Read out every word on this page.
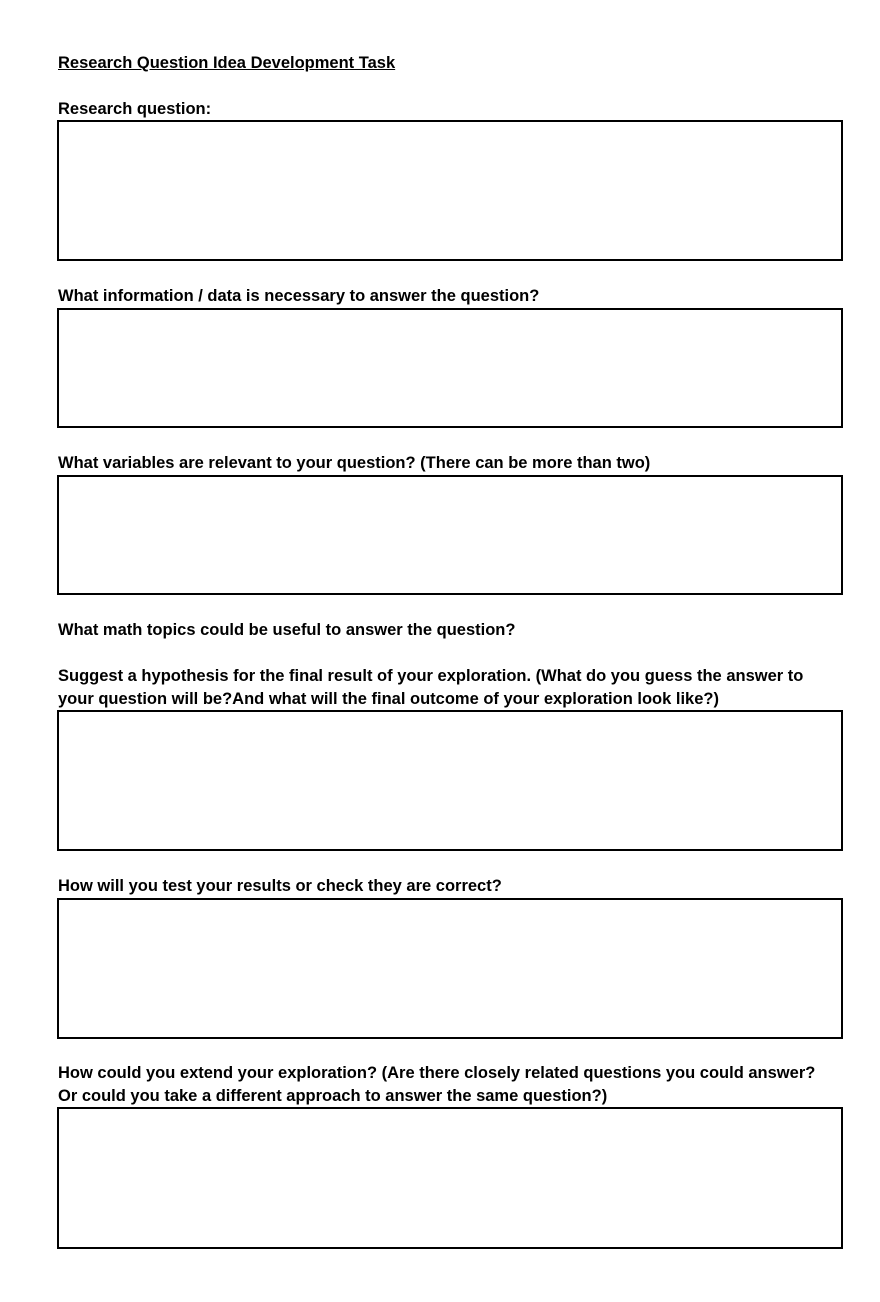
Research Question Idea Development Task
Research question:
What information / data is necessary to answer the question?
What variables are relevant to your question? (There can be more than two)
What math topics could be useful to answer the question?
Suggest a hypothesis for the final result of your exploration. (What do you guess the answer to your question will be?And what will the final outcome of your exploration look like?)
How will you test your results or check they are correct?
How could you extend your exploration? (Are there closely related questions you could answer? Or could you take a different approach to answer the same question?)
